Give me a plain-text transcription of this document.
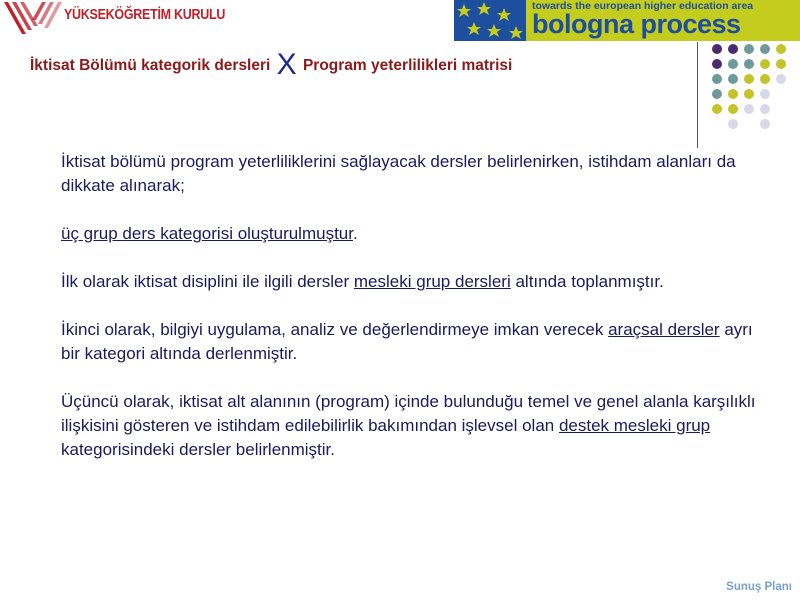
YÜKSEKÖĞRETİM KURULU
towards the european higher education area
bologna process
İktisat Bölümü kategorik dersleri X Program yeterlilikleri matrisi

İktisat bölümü program yeterliliklerini sağlayacak dersler belirlenirken, istihdam alanları da dikkate alınarak;

üç grup ders kategorisi oluşturulmuştur.

İlk olarak iktisat disiplini ile ilgili dersler mesleki grup dersleri altında toplanmıştır.

İkinci olarak, bilgiyi uygulama, analiz ve değerlendirmeye imkan verecek araçsal dersler ayrı bir kategori altında derlenmiştir.

Üçüncü olarak, iktisat alt alanının (program) içinde bulunduğu temel ve genel alanla karşılıklı ilişkisini gösteren ve istihdam edilebilirlik bakımından işlevsel olan destek mesleki grup kategorisindeki dersler belirlenmiştir.

Sunuş Planı
